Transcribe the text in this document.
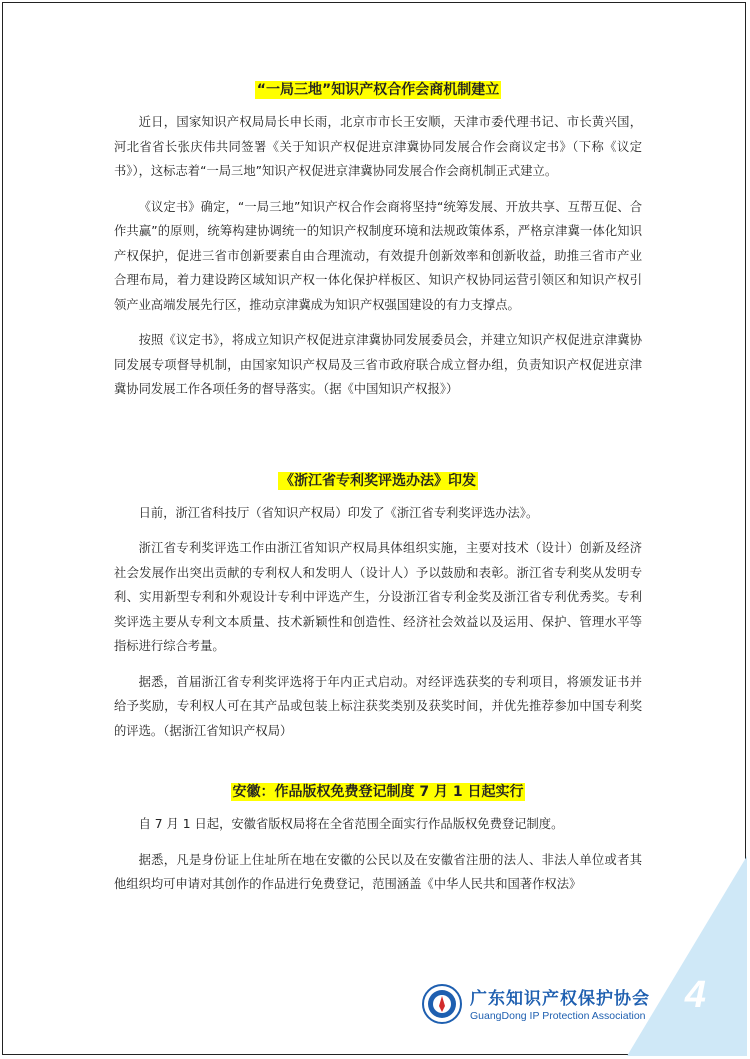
“一局三地”知识产权合作会商机制建立

近日，国家知识产权局局长申长雨，北京市市长王安顺，天津市委代理书记、市长黄兴国，河北省省长张庆伟共同签署《关于知识产权促进京津冀协同发展合作会商议定书》（下称《议定书》），这标志着“一局三地”知识产权促进京津冀协同发展合作会商机制正式建立。

《议定书》确定，“一局三地”知识产权合作会商将坚持“统筹发展、开放共享、互帮互促、合作共赢”的原则，统筹构建协调统一的知识产权制度环境和法规政策体系，严格京津冀一体化知识产权保护，促进三省市创新要素自由合理流动，有效提升创新效率和创新收益，助推三省市产业合理布局，着力建设跨区域知识产权一体化保护样板区、知识产权协同运营引领区和知识产权引领产业高端发展先行区，推动京津冀成为知识产权强国建设的有力支撑点。

按照《议定书》，将成立知识产权促进京津冀协同发展委员会，并建立知识产权促进京津冀协同发展专项督导机制，由国家知识产权局及三省市政府联合成立督办组，负责知识产权促进京津冀协同发展工作各项任务的督导落实。（据《中国知识产权报》）

《浙江省专利奖评选办法》印发

日前，浙江省科技厅（省知识产权局）印发了《浙江省专利奖评选办法》。

浙江省专利奖评选工作由浙江省知识产权局具体组织实施，主要对技术（设计）创新及经济社会发展作出突出贡献的专利权人和发明人（设计人）予以鼓励和表彰。浙江省专利奖从发明专利、实用新型专利和外观设计专利中评选产生，分设浙江省专利金奖及浙江省专利优秀奖。专利奖评选主要从专利文本质量、技术新颖性和创造性、经济社会效益以及运用、保护、管理水平等指标进行综合考量。

据悉，首届浙江省专利奖评选将于年内正式启动。对经评选获奖的专利项目，将颁发证书并给予奖励，专利权人可在其产品或包装上标注获奖类别及获奖时间，并优先推荐参加中国专利奖的评选。（据浙江省知识产权局）

安徽：作品版权免费登记制度 7 月 1 日起实行

自 7 月 1 日起，安徽省版权局将在全省范围全面实行作品版权免费登记制度。

据悉，凡是身份证上住址所在地在安徽的公民以及在安徽省注册的法人、非法人单位或者其他组织均可申请对其创作的作品进行免费登记，范围涵盖《中华人民共和国著作权法》

广东知识产权保护协会
GuangDong IP Protection Association 4
